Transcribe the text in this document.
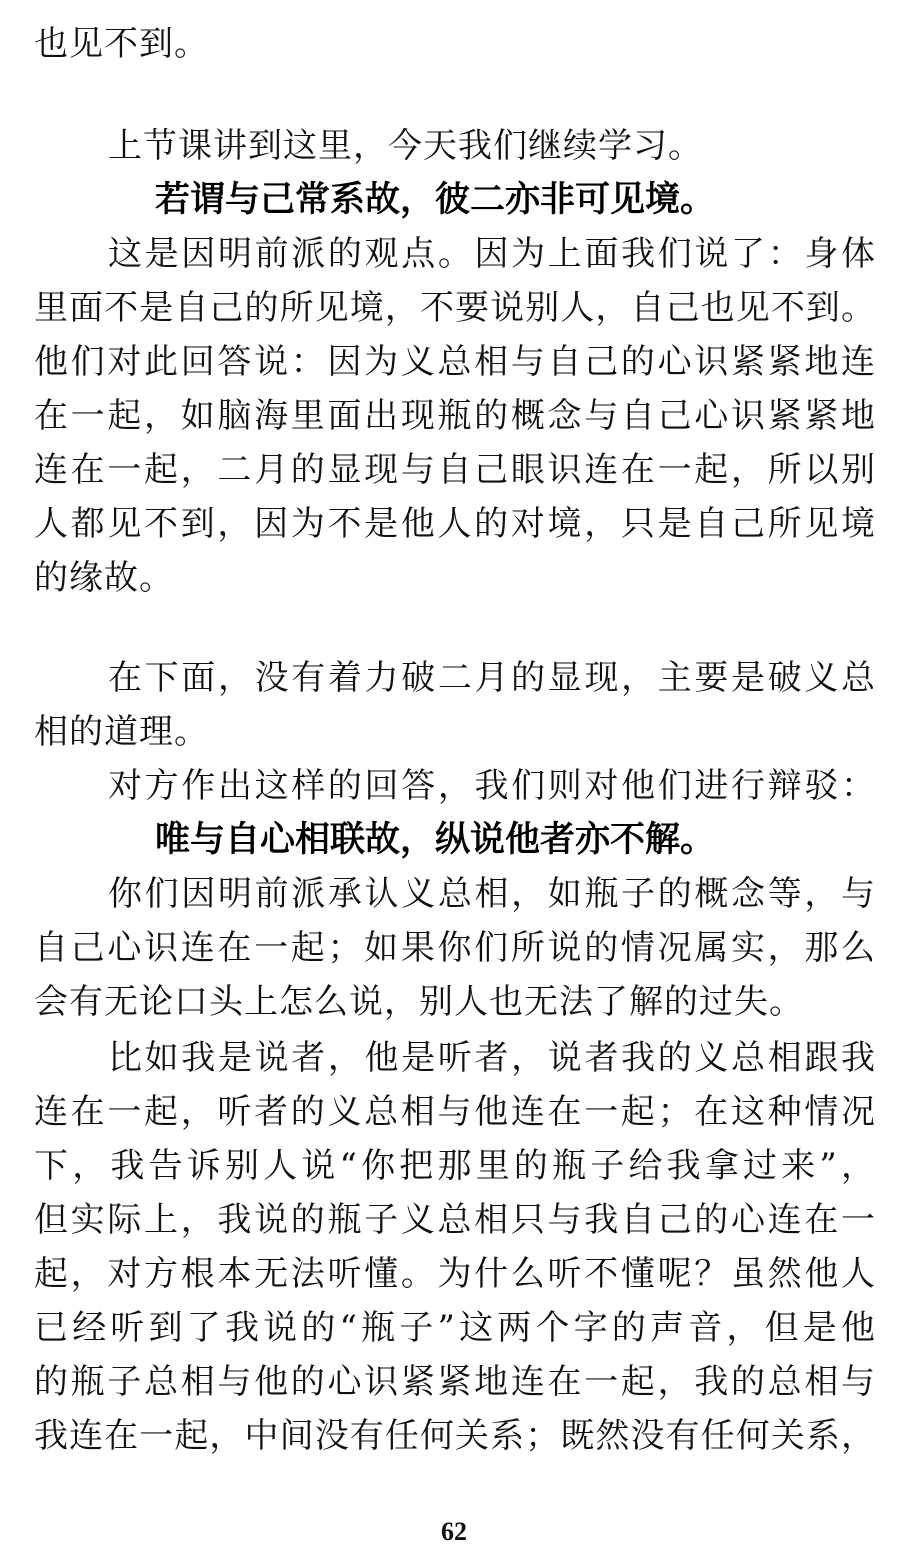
也见不到。
上节课讲到这里，今天我们继续学习。
若谓与己常系故，彼二亦非可见境。
这是因明前派的观点。因为上面我们说了：身体
里面不是自己的所见境，不要说别人，自己也见不到。
他们对此回答说：因为义总相与自己的心识紧紧地连
在一起，如脑海里面出现瓶的概念与自己心识紧紧地
连在一起，二月的显现与自己眼识连在一起，所以别
人都见不到，因为不是他人的对境，只是自己所见境
的缘故。
在下面，没有着力破二月的显现，主要是破义总
相的道理。
对方作出这样的回答，我们则对他们进行辩驳：
唯与自心相联故，纵说他者亦不解。
你们因明前派承认义总相，如瓶子的概念等，与
自己心识连在一起；如果你们所说的情况属实，那么
会有无论口头上怎么说，别人也无法了解的过失。
比如我是说者，他是听者，说者我的义总相跟我
连在一起，听者的义总相与他连在一起；在这种情况
下，我告诉别人说“你把那里的瓶子给我拿过来”，
但实际上，我说的瓶子义总相只与我自己的心连在一
起，对方根本无法听懂。为什么听不懂呢？虽然他人
已经听到了我说的“瓶子”这两个字的声音，但是他
的瓶子总相与他的心识紧紧地连在一起，我的总相与
我连在一起，中间没有任何关系；既然没有任何关系，
62
